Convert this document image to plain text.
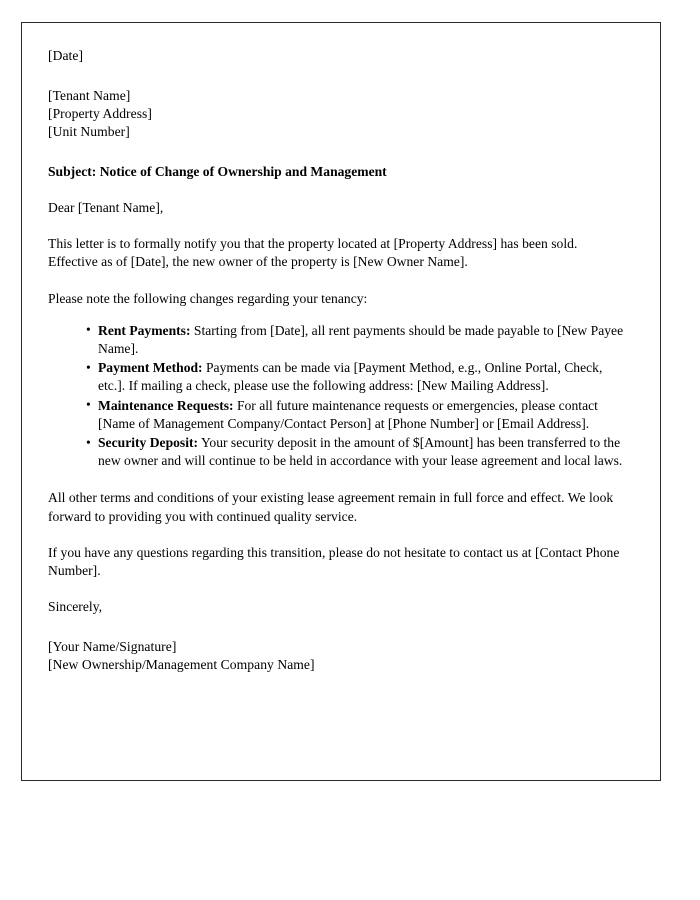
[Date]
[Tenant Name]
[Property Address]
[Unit Number]
Subject: Notice of Change of Ownership and Management

Dear [Tenant Name],

This letter is to formally notify you that the property located at [Property Address] has been sold. Effective as of [Date], the new owner of the property is [New Owner Name].

Please note the following changes regarding your tenancy:

• Rent Payments: Starting from [Date], all rent payments should be made payable to [New Payee Name].
• Payment Method: Payments can be made via [Payment Method, e.g., Online Portal, Check, etc.]. If mailing a check, please use the following address: [New Mailing Address].
• Maintenance Requests: For all future maintenance requests or emergencies, please contact [Name of Management Company/Contact Person] at [Phone Number] or [Email Address].
• Security Deposit: Your security deposit in the amount of $[Amount] has been transferred to the new owner and will continue to be held in accordance with your lease agreement and local laws.

All other terms and conditions of your existing lease agreement remain in full force and effect. We look forward to providing you with continued quality service.

If you have any questions regarding this transition, please do not hesitate to contact us at [Contact Phone Number].

Sincerely,

[Your Name/Signature]
[New Ownership/Management Company Name]
